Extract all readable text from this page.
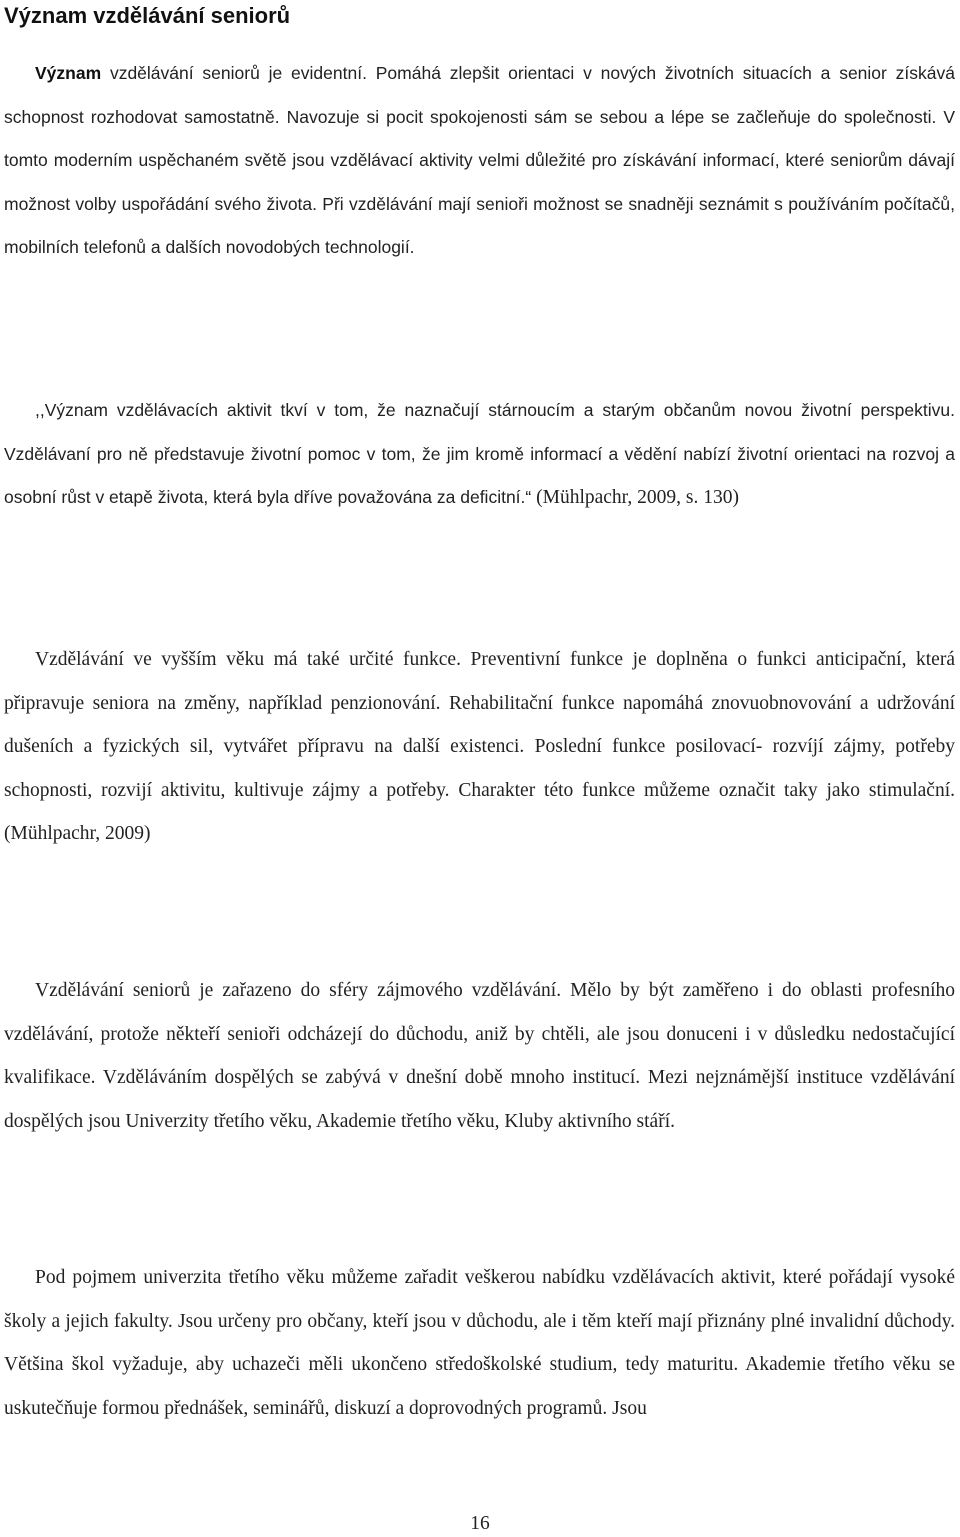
Význam vzdělávání seniorů

Význam vzdělávání seniorů je evidentní. Pomáhá zlepšit orientaci v nových životních situacích a senior získává schopnost rozhodovat samostatně. Navozuje si pocit spokojenosti sám se sebou a lépe se začleňuje do společnosti. V tomto moderním uspěchaném světě jsou vzdělávací aktivity velmi důležité pro získávání informací, které seniorům dávají možnost volby uspořádání svého života. Při vzdělávání mají senioři možnost se snadněji seznámit s používáním počítačů, mobilních telefonů a dalších novodobých technologií.

,,Význam vzdělávacích aktivit tkví v tom, že naznačují stárnoucím a starým občanům novou životní perspektivu. Vzdělávaní pro ně představuje životní pomoc v tom, že jim kromě informací a vědění nabízí životní orientaci na rozvoj a osobní růst v etapě života, která byla dříve považována za deficitní.“ (Mühlpachr, 2009, s. 130)

Vzdělávání ve vyšším věku má také určité funkce. Preventivní funkce je doplněna o funkci anticipační, která připravuje seniora na změny, například penzionování. Rehabilitační funkce napomáhá znovuobnovování a udržování dušeních a fyzických sil, vytvářet přípravu na další existenci. Poslední funkce posilovací- rozvíjí zájmy, potřeby schopnosti, rozvijí aktivitu, kultivuje zájmy a potřeby. Charakter této funkce můžeme označit taky jako stimulační. (Mühlpachr, 2009)

Vzdělávání seniorů je zařazeno do sféry zájmového vzdělávání. Mělo by být zaměřeno i do oblasti profesního vzdělávání, protože někteří senioři odcházejí do důchodu, aniž by chtěli, ale jsou donuceni i v důsledku nedostačující kvalifikace. Vzděláváním dospělých se zabývá v dnešní době mnoho institucí. Mezi nejznámější instituce vzdělávání dospělých jsou Univerzity třetího věku, Akademie třetího věku, Kluby aktivního stáří.

Pod pojmem univerzita třetího věku můžeme zařadit veškerou nabídku vzdělávacích aktivit, které pořádají vysoké školy a jejich fakulty. Jsou určeny pro občany, kteří jsou v důchodu, ale i těm kteří mají přiznány plné invalidní důchody. Většina škol vyžaduje, aby uchazeči měli ukončeno středoškolské studium, tedy maturitu. Akademie třetího věku se uskutečňuje formou přednášek, seminářů, diskuzí a doprovodných programů. Jsou

16
